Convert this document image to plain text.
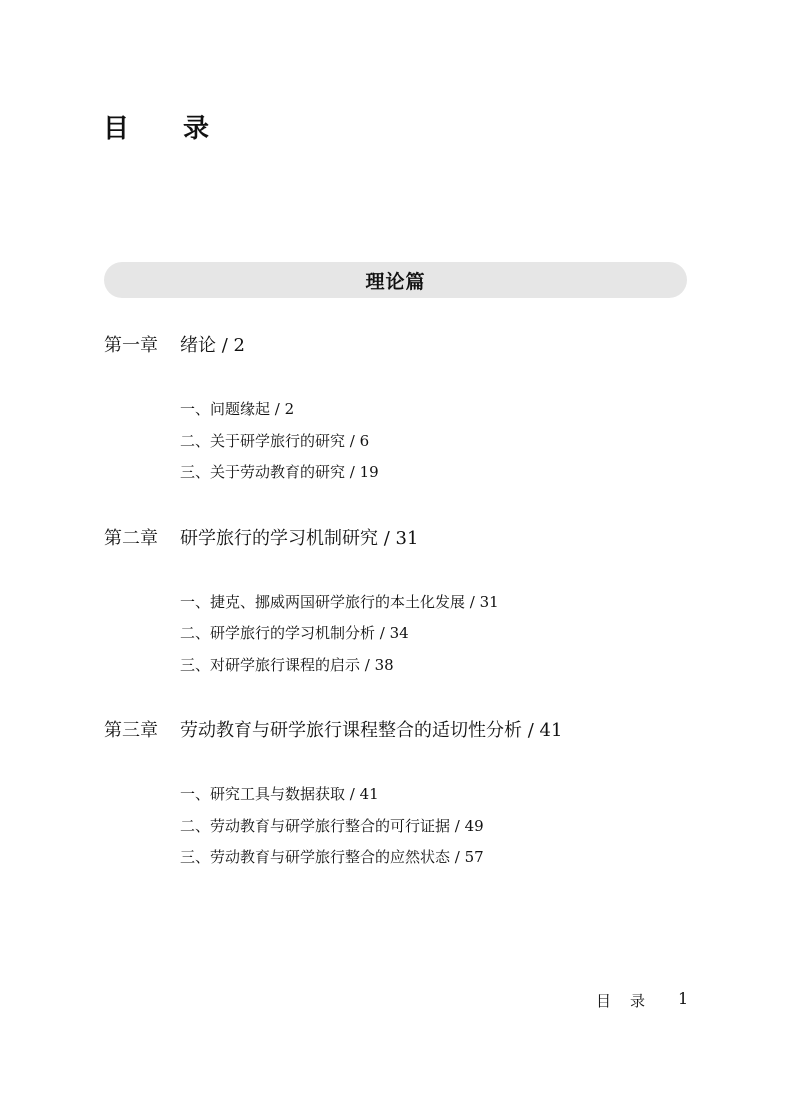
目 录
理论篇
第一章 绪论 / 2
一、问题缘起 / 2
二、关于研学旅行的研究 / 6
三、关于劳动教育的研究 / 19
第二章 研学旅行的学习机制研究 / 31
一、捷克、挪威两国研学旅行的本土化发展 / 31
二、研学旅行的学习机制分析 / 34
三、对研学旅行课程的启示 / 38
第三章 劳动教育与研学旅行课程整合的适切性分析 / 41
一、研究工具与数据获取 / 41
二、劳动教育与研学旅行整合的可行证据 / 49
三、劳动教育与研学旅行整合的应然状态 / 57
目 录 1
